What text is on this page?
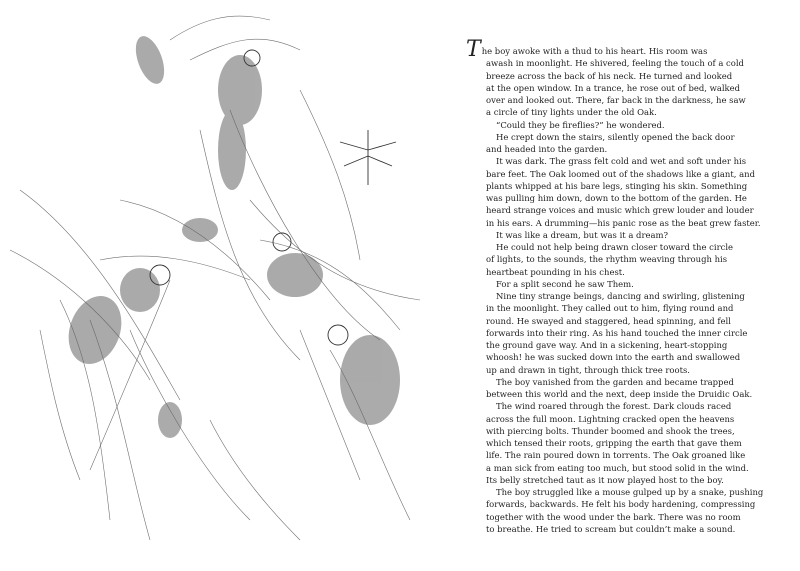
The boy awoke with a thud to his heart. His room was
awash in moonlight. He shivered, feeling the touch of a cold
breeze across the back of his neck. He turned and looked
at the open window. In a trance, he rose out of bed, walked
over and looked out. There, far back in the darkness, he saw
a circle of tiny lights under the old Oak.

“Could they be fireflies?” he wondered.

He crept down the stairs, silently opened the back door
and headed into the garden.

It was dark. The grass felt cold and wet and soft under his
bare feet. The Oak loomed out of the shadows like a giant, and
plants whipped at his bare legs, stinging his skin. Something
was pulling him down, down to the bottom of the garden. He
heard strange voices and music which grew louder and louder
in his ears. A drumming—his panic rose as the beat grew faster.

It was like a dream, but was it a dream?

He could not help being drawn closer toward the circle
of lights, to the sounds, the rhythm weaving through his
heartbeat pounding in his chest.

For a split second he saw Them.

Nine tiny strange beings, dancing and swirling, glistening
in the moonlight. They called out to him, flying round and
round. He swayed and staggered, head spinning, and fell
forwards into their ring. As his hand touched the inner circle
the ground gave way. And in a sickening, heart-stopping
whoosh! he was sucked down into the earth and swallowed
up and drawn in tight, through thick tree roots.

The boy vanished from the garden and became trapped
between this world and the next, deep inside the Druidic Oak.

The wind roared through the forest. Dark clouds raced
across the full moon. Lightning cracked open the heavens
with piercing bolts. Thunder boomed and shook the trees,
which tensed their roots, gripping the earth that gave them
life. The rain poured down in torrents. The Oak groaned like
a man sick from eating too much, but stood solid in the wind.
Its belly stretched taut as it now played host to the boy.

The boy struggled like a mouse gulped up by a snake, pushing
forwards, backwards. He felt his body hardening, compressing
together with the wood under the bark. There was no room
to breathe. He tried to scream but couldn’t make a sound.
